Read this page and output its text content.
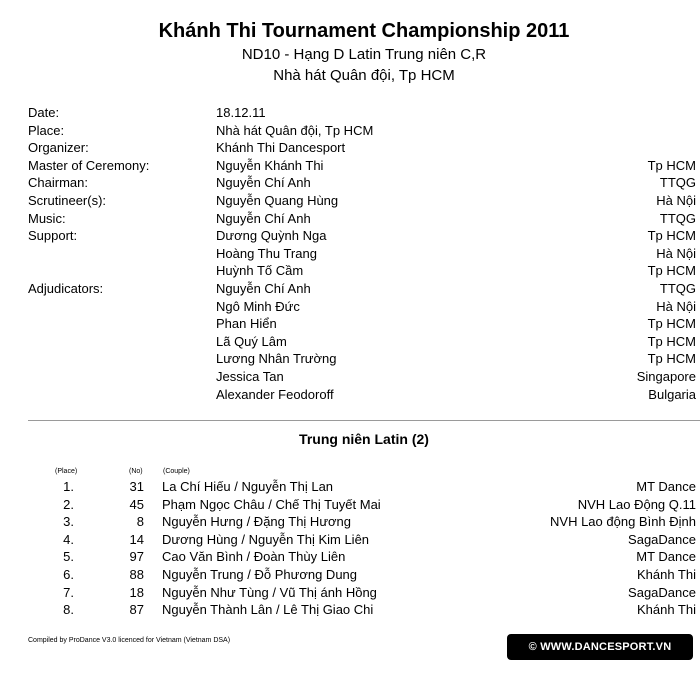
Khánh Thi Tournament Championship 2011
ND10 - Hạng D Latin Trung niên C,R
Nhà hát Quân đội, Tp HCM
Date:	18.12.11
Place:	Nhà hát Quân đội, Tp HCM
Organizer:	Khánh Thi Dancesport
Master of Ceremony:	Nguyễn Khánh Thi	Tp HCM
Chairman:	Nguyễn Chí Anh	TTQG
Scrutineer(s):	Nguyễn Quang Hùng	Hà Nội
Music:	Nguyễn Chí Anh	TTQG
Support:	Dương Quỳnh Nga	Tp HCM
Hoàng Thu Trang	Hà Nội
Huỳnh Tố Cầm	Tp HCM
Adjudicators:	Nguyễn Chí Anh	TTQG
Ngô Minh Đức	Hà Nội
Phan Hiển	Tp HCM
Lã Quý Lâm	Tp HCM
Lương Nhân Trường	Tp HCM
Jessica Tan	Singapore
Alexander Feodoroff	Bulgaria
Trung niên Latin (2)
(Place)	(No)	(Couple)
1.	31 La Chí Hiếu / Nguyễn Thị Lan	MT Dance
2.	45 Phạm Ngọc Châu / Chế Thị Tuyết Mai	NVH Lao Động Q.11
3.	8 Nguyễn Hưng / Đặng Thị Hương	NVH Lao động Bình Định
4.	14 Dương Hùng / Nguyễn Thị Kim Liên	SagaDance
5.	97 Cao Văn Bình / Đoàn Thùy Liên	MT Dance
6.	88 Nguyễn Trung / Đỗ Phương Dung	Khánh Thi
7.	18 Nguyễn Như Tùng / Vũ Thị ánh Hồng	SagaDance
8.	87 Nguyễn Thành Lân / Lê Thị Giao Chi	Khánh Thi
Compiled by ProDance V3.0 licenced for Vietnam (Vietnam DSA)
© WWW.DANCESPORT.VN
